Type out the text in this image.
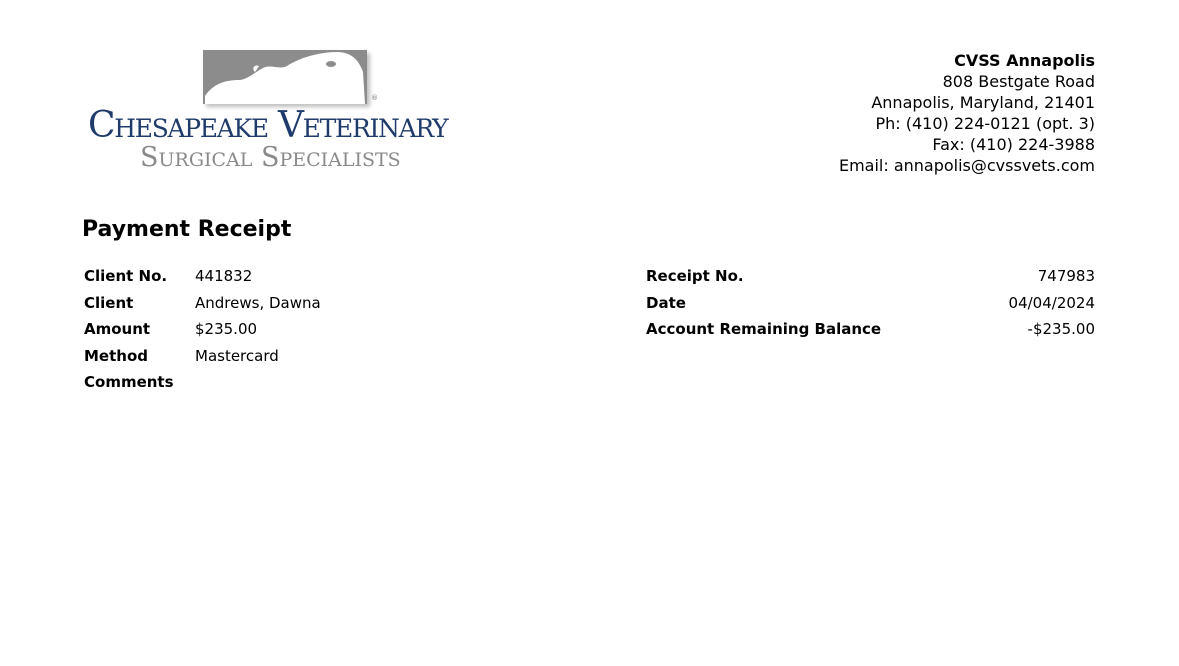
®
Chesapeake Veterinary
Surgical Specialists
CVSS Annapolis
808 Bestgate Road
Annapolis, Maryland, 21401
Ph: (410) 224-0121 (opt. 3)
Fax: (410) 224-3988
Email: annapolis@cvssvets.com
Payment Receipt
Client No. 441832
Client	Andrews, Dawna
Amount	$235.00
Method	Mastercard
Comments
Receipt No.	747983
Date	04/04/2024
Account Remaining Balance	-$235.00
